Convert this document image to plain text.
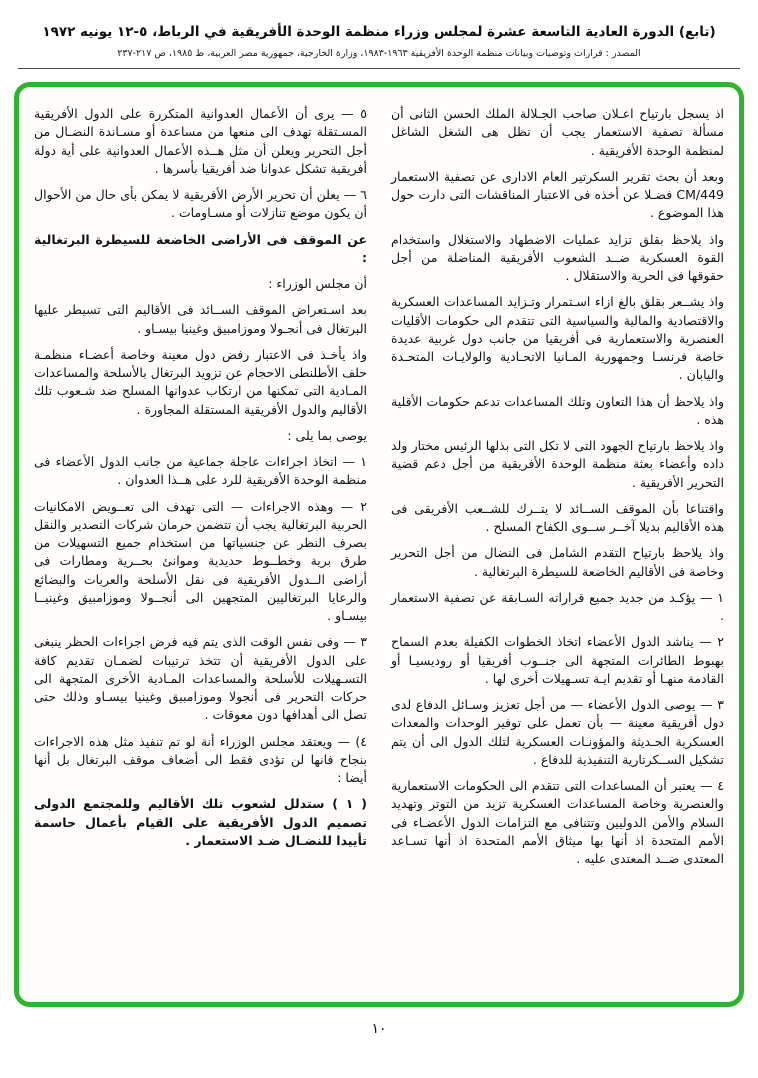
(تابع) الدورة العادية التاسعة عشرة لمجلس وزراء منظمة الوحدة الأفريقية في الرباط، ٥-١٢ يونيه ١٩٧٢
المصدر : قرارات وتوصيات وبيانات منظمة الوحدة الأفريقية ١٩٦٣-١٩٨٣، وزارة الخارجية، جمهورية مصر العربية، ط ١٩٨٥، ص ٢١٧-٢٣٧

اذ يسجل بارتياح اعـلان صاحب الجـلالة الملك الحسن الثانى أن مسألة تصفية الاستعمار يجب أن تظل هى الشغل الشاغل لمنظمة الوحدة الأفريقية .

وبعد أن بحث تقرير السكرتير العام الادارى عن تصفية الاستعمار CM/449 فضـلا عن أخذه فى الاعتبار المناقشات التى دارت حول هذا الموضوع .

واذ يلاحظ بقلق تزايد عمليات الاضطهاد والاستغلال واستخدام القوة العسكرية ضــد الشعوب الأفريقية المناضلة من أجل حقوقها فى الحرية والاستقلال .

واذ يشــعر بقلق بالغ ازاء اسـتمرار وتـزايد المساعدات العسكرية والاقتصادية والمالية والسياسية التى تتقدم الى حكومات الأقليات العنصرية والاستعمارية فى أفريقيا من جانب دول غربية عديدة خاصة فرنسـا وجمهورية المـانيا الاتحـادية والولايـات المتحـدة واليابان .

واذ يلاحظ أن هذا التعاون وتلك المساعدات تدعم حكومات الأقلية هذه .

واذ يلاحظ بارتياح الجهود التى لا تكل التى بذلها الرئيس مختار ولد داده وأعضاء بعثة منظمة الوحدة الأفريقية من أجل دعم قضية التحرير الأفريقية .

واقتناعا بأن الموقف الســائد لا يتــرك للشــعب الأفريقى فى هذه الأقاليم بديلا آخــر ســوى الكفاح المسلح .

واذ يلاحظ بارتياح التقدم الشامل فى النضال من أجل التحرير وخاصة فى الأقاليم الخاضعة للسيطرة البرتغالية .

١ — يؤكـد من جديد جميع قراراته السـابقة عن تصفية الاستعمار .

٢ — يناشد الدول الأعضاء اتخاذ الخطوات الكفيلة بعدم السماح بهبوط الطائرات المتجهة الى جنــوب أفريقيا أو روديسيـا أو القادمة منهـا أو تقديم ايـة تسـهيلات أخرى لها .

٣ — يوصى الدول الأعضاء — من أجل تعزيز وسـائل الدفاع لدى دول أفريقية معينة — بأن تعمل على توفير الوحدات والمعدات العسكرية الحـديثة والمؤونـات العسكرية لتلك الدول الى أن يتم تشكيل الســكرتارية التنفيذية للدفاع .

٤ — يعتبر أن المساعدات التى تتقدم الى الحكومات الاستعمارية والعنصرية وخاصة المساعدات العسكرية تزيد من التوتر وتهديد السلام والأمن الدوليين وتتنافى مع التزامات الدول الأعضـاء فى الأمم المتحدة اذ أنها بها ميثاق الأمم المتحدة اذ أنها تسـاعد المعتدى ضــد المعتدى عليه .

٥ — يرى أن الأعمال العدوانية المتكررة على الدول الأفريقية المسـتقلة تهدف الى منعها من مساعدة أو مسـاندة النضـال من أجل التحرير ويعلن أن مثل هــذه الأعمال العدوانية على أية دولة أفريقية تشكل عدوانا ضد أفريقيا بأسرها .

٦ — يعلن أن تحرير الأرض الأفريقية لا يمكن بأى حال من الأحوال أن يكون موضع تنازلات أو مسـاومات .

عن الموقف فى الأراضى الخاضعة للسيطرة البرتغالية :

أن مجلس الوزراء :

بعد اسـتعراض الموقف الســائد فى الأقاليم التى تسيطر عليها البرتغال فى أنجـولا وموزامبيق وغينيا بيسـاو .

واذ يأخـذ فى الاعتبار رفض دول معينة وخاصة أعضـاء منظمـة حلف الأطلنطى الاحجام عن تزويد البرتغال بالأسلحة والمساعدات المـادية التى تمكنها من ارتكاب عدوانها المسلح ضد شـعوب تلك الأقاليم والدول الأفريقية المستقلة المجاورة .

يوصى بما يلى :

١ — اتخاذ اجراءات عاجلة جماعية من جانب الدول الأعضاء فى منظمة الوحدة الأفريقية للرد على هــذا العدوان .

٢ — وهذه الاجراءات — التى تهدف الى تعــويض الامكانيات الحربية البرتغالية يجب أن تتضمن حرمان شركات التصدير والنقل بصرف النظر عن جنسياتها من استخدام جميع التسهيلات من طرق برية وخطــوط حديدية وموانئ بحــرية ومطارات فى أراضى الــدول الأفريقية فى نقل الأسلحة والعربات والبضائع والرعايا البرتغاليين المتجهين الى أنجــولا وموزامبيق وغينيــا بيسـاو .

٣ — وفى نفس الوقت الذى يتم فيه فرض اجراءات الحظر ينبغى على الدول الأفريقية أن تتخذ ترتيبات لضمـان تقديم كافة التسـهيلات للأسلحة والمساعدات المـادية الأخرى المتجهة الى حركات التحرير فى أنجولا وموزامبيق وغينيا بيسـاو وذلك حتى تصل الى أهدافها دون معوقات .

٤) — ويعتقد مجلس الوزراء أنة لو تم تنفيذ مثل هذه الاجراءات بنجاح فانها لن تؤدى فقط الى أضعاف موقف البرتغال بل أنها أيضا :

( ١ ) ستدلل لشعوب تلك الأقاليم وللمجتمع الدولى تصميم الدول الأفريقية على القيام بأعمال حاسمة تأييدا للنضـال ضـد الاستعمار .

١٠
